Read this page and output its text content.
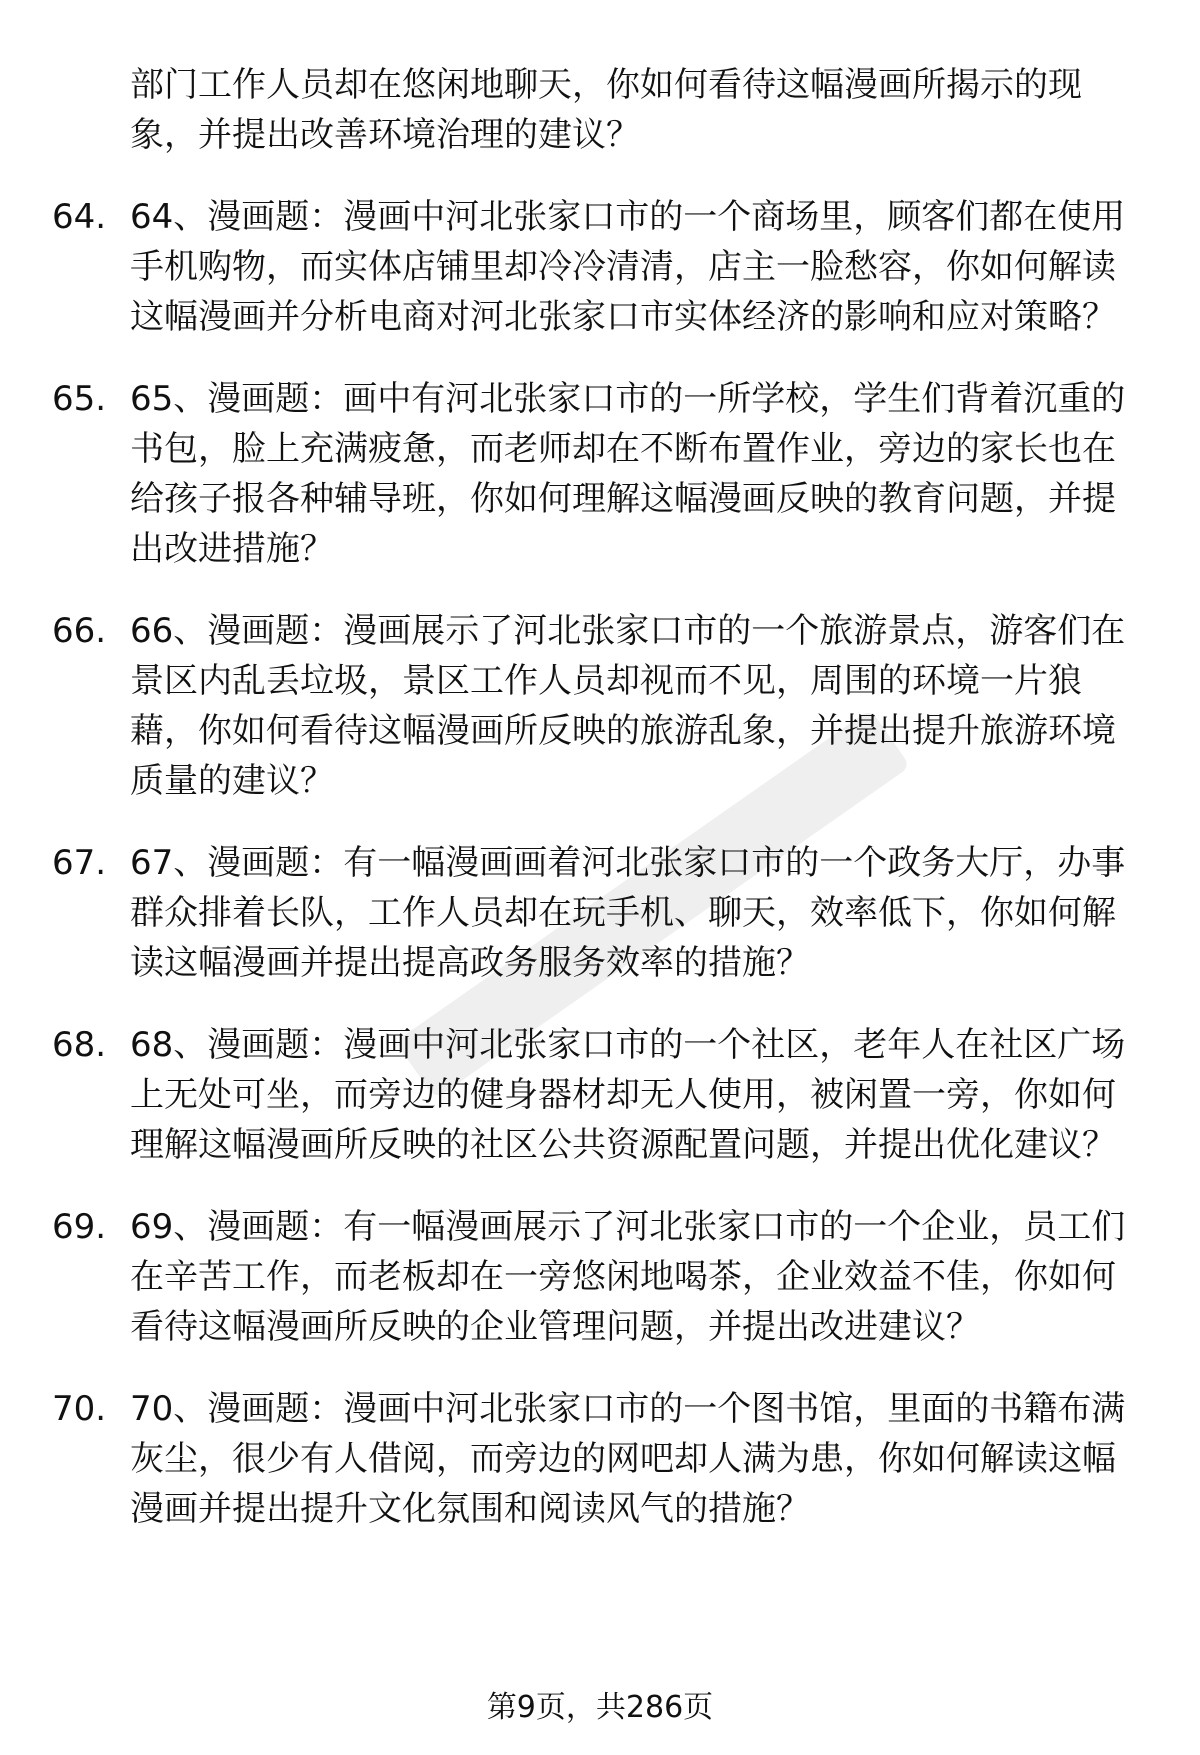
部门工作人员却在悠闲地聊天，你如何看待这幅漫画所揭示的现象，并提出改善环境治理的建议？
64. 64、漫画题：漫画中河北张家口市的一个商场里，顾客们都在使用手机购物，而实体店铺里却冷冷清清，店主一脸愁容，你如何解读这幅漫画并分析电商对河北张家口市实体经济的影响和应对策略？
65. 65、漫画题：画中有河北张家口市的一所学校，学生们背着沉重的书包，脸上充满疲惫，而老师却在不断布置作业，旁边的家长也在给孩子报各种辅导班，你如何理解这幅漫画反映的教育问题，并提出改进措施？
66. 66、漫画题：漫画展示了河北张家口市的一个旅游景点，游客们在景区内乱丢垃圾，景区工作人员却视而不见，周围的环境一片狼藉，你如何看待这幅漫画所反映的旅游乱象，并提出提升旅游环境质量的建议？
67. 67、漫画题：有一幅漫画画着河北张家口市的一个政务大厅，办事群众排着长队，工作人员却在玩手机、聊天，效率低下，你如何解读这幅漫画并提出提高政务服务效率的措施？
68. 68、漫画题：漫画中河北张家口市的一个社区，老年人在社区广场上无处可坐，而旁边的健身器材却无人使用，被闲置一旁，你如何理解这幅漫画所反映的社区公共资源配置问题，并提出优化建议？
69. 69、漫画题：有一幅漫画展示了河北张家口市的一个企业，员工们在辛苦工作，而老板却在一旁悠闲地喝茶，企业效益不佳，你如何看待这幅漫画所反映的企业管理问题，并提出改进建议？
70. 70、漫画题：漫画中河北张家口市的一个图书馆，里面的书籍布满灰尘，很少有人借阅，而旁边的网吧却人满为患，你如何解读这幅漫画并提出提升文化氛围和阅读风气的措施？
第9页，共286页
